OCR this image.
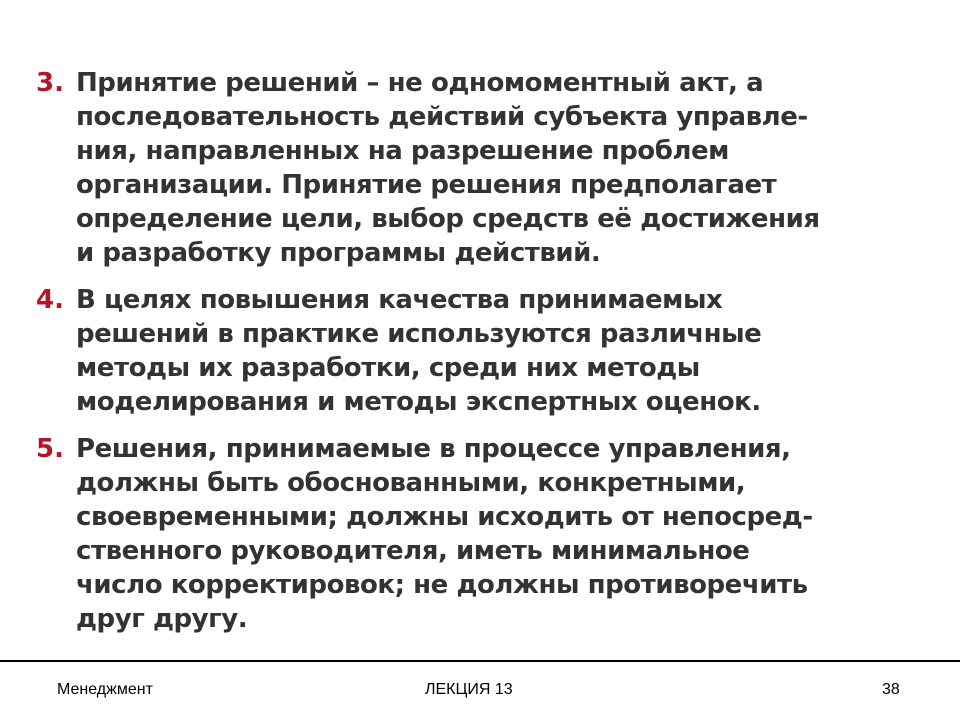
3. Принятие решений – не одномоментный акт, а
последовательность действий субъекта управле-
ния, направленных на разрешение проблем
организации. Принятие решения предполагает
определение цели, выбор средств её достижения
и разработку программы действий.
4. В целях повышения качества принимаемых
решений в практике используются различные
методы их разработки, среди них методы
моделирования и методы экспертных оценок.
5. Решения, принимаемые в процессе управления,
должны быть обоснованными, конкретными,
своевременными; должны исходить от непосред-
ственного руководителя, иметь минимальное
число корректировок; не должны противоречить
друг другу.
Менеджмент	ЛЕКЦИЯ 13	38
